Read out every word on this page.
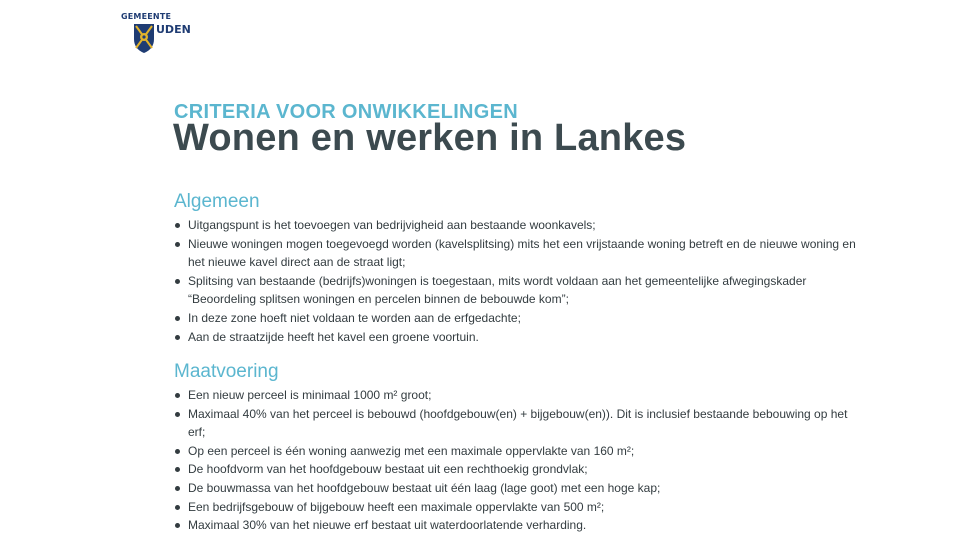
GEMEENTE
UDEN
CRITERIA VOOR ONWIKKELINGEN
Wonen en werken in Lankes
Algemeen
Uitgangspunt is het toevoegen van bedrijvigheid aan bestaande woonkavels;
Nieuwe woningen mogen toegevoegd worden (kavelsplitsing) mits het een vrijstaande woning betreft en de nieuwe woning en het nieuwe kavel direct aan de straat ligt;
Splitsing van bestaande (bedrijfs)woningen is toegestaan, mits wordt voldaan aan het gemeentelijke afwegingskader “Beoordeling splitsen woningen en percelen binnen de bebouwde kom”;
In deze zone hoeft niet voldaan te worden aan de erfgedachte;
Aan de straatzijde heeft het kavel een groene voortuin.
Maatvoering
Een nieuw perceel is minimaal 1000 m² groot;
Maximaal 40% van het perceel is bebouwd (hoofdgebouw(en) + bijgebouw(en)). Dit is inclusief bestaande bebouwing op het erf;
Op een perceel is één woning aanwezig met een maximale oppervlakte van 160 m²;
De hoofdvorm van het hoofdgebouw bestaat uit een rechthoekig grondvlak;
De bouwmassa van het hoofdgebouw bestaat uit één laag (lage goot) met een hoge kap;
Een bedrijfsgebouw of bijgebouw heeft een maximale oppervlakte van 500 m²;
Maximaal 30% van het nieuwe erf bestaat uit waterdoorlatende verharding.
